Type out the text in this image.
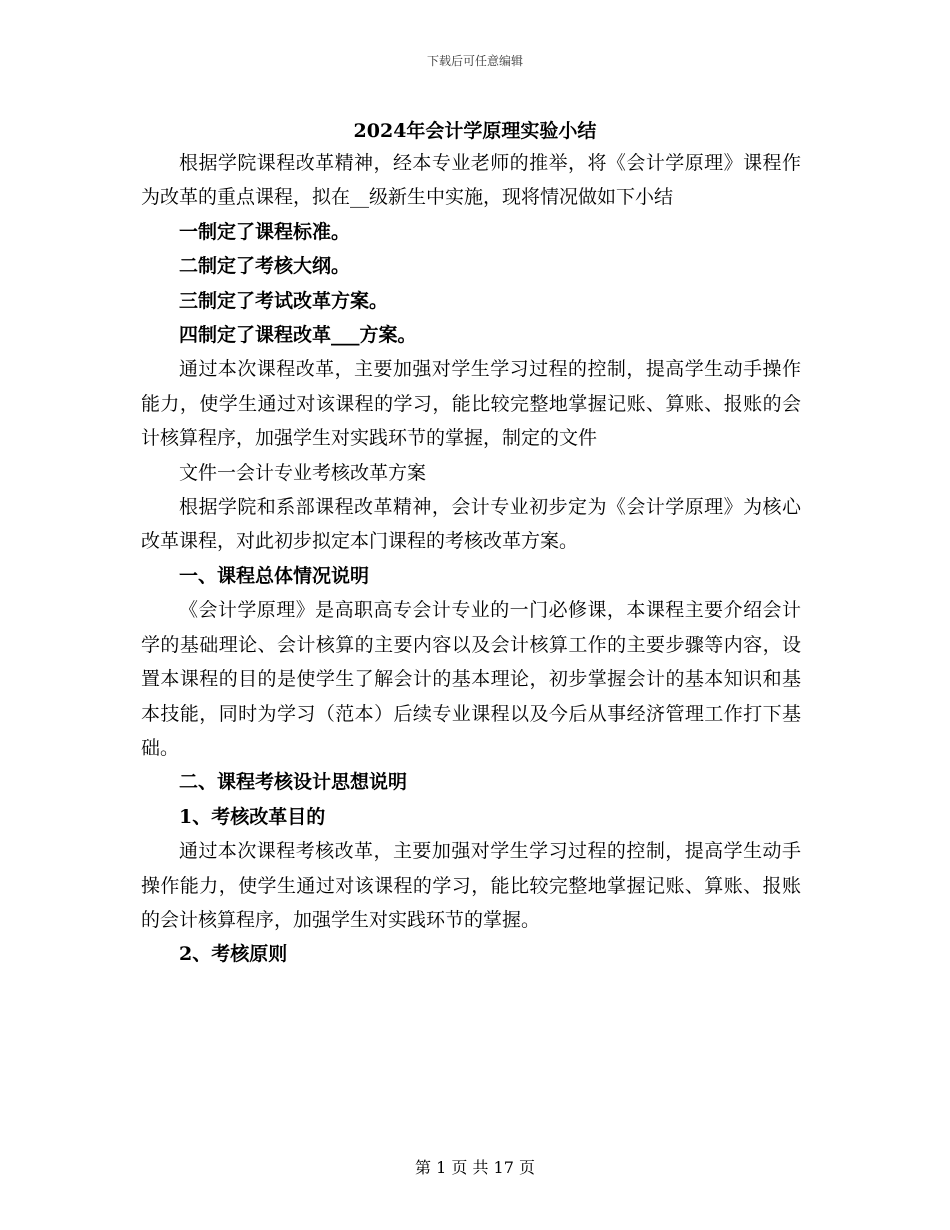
下载后可任意编辑
2024年会计学原理实验小结

根据学院课程改革精神，经本专业老师的推举，将《会计学原理》课程作为改革的重点课程，拟在__级新生中实施，现将情况做如下小结

一制定了课程标准。

二制定了考核大纲。

三制定了考试改革方案。

四制定了课程改革___方案。

通过本次课程改革，主要加强对学生学习过程的控制，提高学生动手操作能力，使学生通过对该课程的学习，能比较完整地掌握记账、算账、报账的会计核算程序，加强学生对实践环节的掌握，制定的文件

文件一会计专业考核改革方案

根据学院和系部课程改革精神，会计专业初步定为《会计学原理》为核心改革课程，对此初步拟定本门课程的考核改革方案。

一、课程总体情况说明

《会计学原理》是高职高专会计专业的一门必修课，本课程主要介绍会计学的基础理论、会计核算的主要内容以及会计核算工作的主要步骤等内容，设置本课程的目的是使学生了解会计的基本理论，初步掌握会计的基本知识和基本技能，同时为学习（范本）后续专业课程以及今后从事经济管理工作打下基础。

二、课程考核设计思想说明

1、考核改革目的

通过本次课程考核改革，主要加强对学生学习过程的控制，提高学生动手操作能力，使学生通过对该课程的学习，能比较完整地掌握记账、算账、报账的会计核算程序，加强学生对实践环节的掌握。

2、考核原则

第 1 页 共 17 页
